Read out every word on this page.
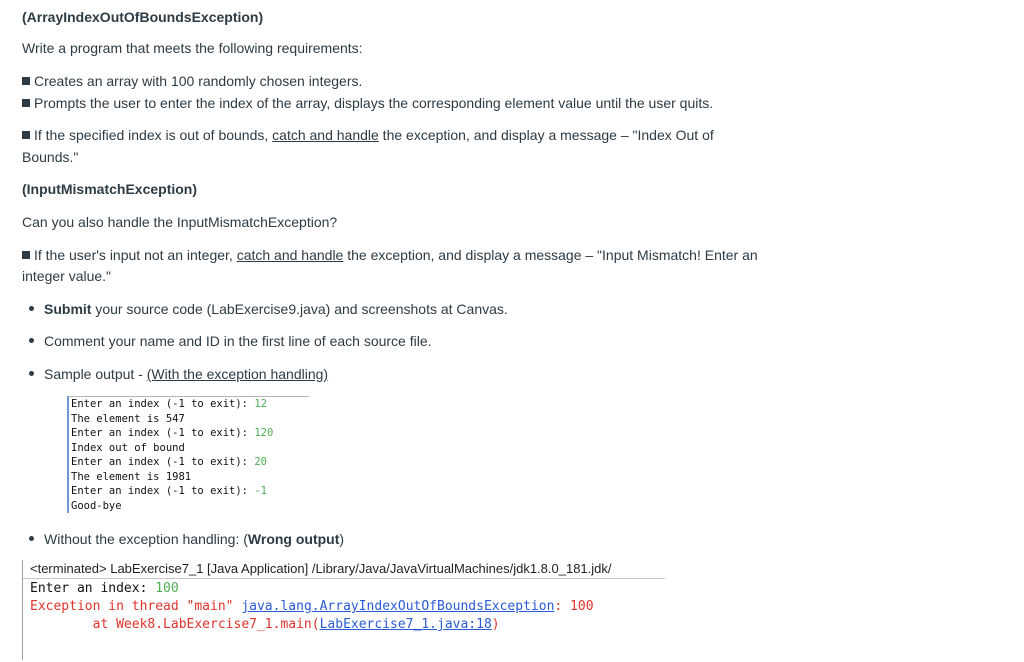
(ArrayIndexOutOfBoundsException)
Write a program that meets the following requirements:
Creates an array with 100 randomly chosen integers.
Prompts the user to enter the index of the array, displays the corresponding element value until the user quits.
If the specified index is out of bounds, catch and handle the exception, and display a message – "Index Out of
Bounds."
(InputMismatchException)
Can you also handle the InputMismatchException?
If the user's input not an integer, catch and handle the exception, and display a message – "Input Mismatch! Enter an
integer value."
Submit your source code (LabExercise9.java) and screenshots at Canvas.
Comment your name and ID in the first line of each source file.
Sample output - (With the exception handling)
Enter an index (-1 to exit): 12
The element is 547
Enter an index (-1 to exit): 120
Index out of bound
Enter an index (-1 to exit): 20
The element is 1981
Enter an index (-1 to exit): -1
Good-bye
Without the exception handling: (Wrong output)
<terminated> LabExercise7_1 [Java Application] /Library/Java/JavaVirtualMachines/jdk1.8.0_181.jdk/
Enter an index: 100
Exception in thread "main" java.lang.ArrayIndexOutOfBoundsException: 100
at Week8.LabExercise7_1.main(LabExercise7_1.java:18)
